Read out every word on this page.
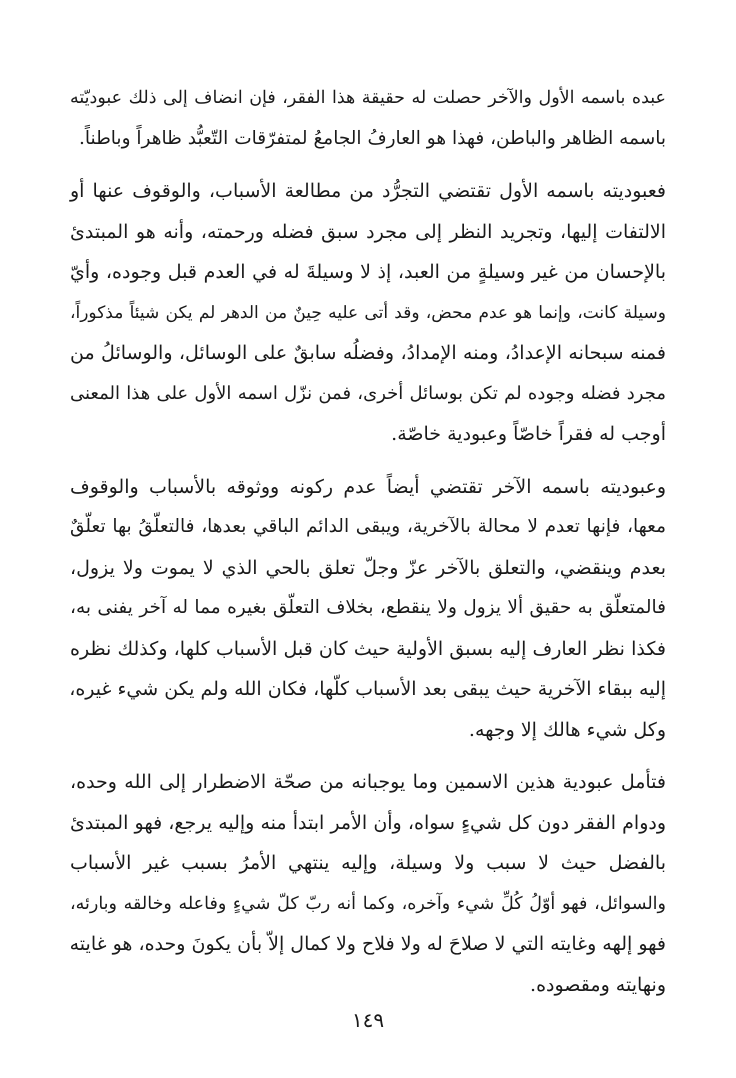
عبده باسمه الأول والآخر حصلت له حقيقة هذا الفقر، فإن انضاف إلى ذلك عبوديّته
باسمه الظاهر والباطن، فهذا هو العارفُ الجامعُ لمتفرّقات التّعبُّد ظاهراً وباطناً.
فعبوديته باسمه الأول تقتضي التجرُّد من مطالعة الأسباب، والوقوف عنها أو
الالتفات إليها، وتجريد النظر إلى مجرد سبق فضله ورحمته، وأنه هو المبتدئ
بالإحسان من غير وسيلةٍ من العبد، إذ لا وسيلةَ له في العدم قبل وجوده، وأيّ
وسيلة كانت، وإنما هو عدم محض، وقد أتى عليه حِينٌ من الدهر لم يكن شيئاً مذكوراً،
فمنه سبحانه الإعدادُ، ومنه الإمدادُ، وفضلُه سابقٌ على الوسائل، والوسائلُ من
مجرد فضله وجوده لم تكن بوسائل أخرى، فمن نزّل اسمه الأول على هذا المعنى
أوجب له فقراً خاصّاً وعبودية خاصّة.
وعبوديته باسمه الآخر تقتضي أيضاً عدم ركونه ووثوقه بالأسباب والوقوف
معها، فإنها تعدم لا محالة بالآخرية، ويبقى الدائم الباقي بعدها، فالتعلّقُ بها تعلّقٌ
بعدم وينقضي، والتعلق بالآخر عزّ وجلّ تعلق بالحي الذي لا يموت ولا يزول،
فالمتعلّق به حقيق ألا يزول ولا ينقطع، بخلاف التعلّق بغيره مما له آخر يفنى به،
فكذا نظر العارف إليه بسبق الأولية حيث كان قبل الأسباب كلها، وكذلك نظره
إليه ببقاء الآخرية حيث يبقى بعد الأسباب كلّها، فكان الله ولم يكن شيء غيره،
وكل شيء هالك إلا وجهه.
فتأمل عبودية هذين الاسمين وما يوجبانه من صحّة الاضطرار إلى الله وحده،
ودوام الفقر دون كل شيءٍ سواه، وأن الأمر ابتدأ منه وإليه يرجع، فهو المبتدئ
بالفضل حيث لا سبب ولا وسيلة، وإليه ينتهي الأمرُ بسبب غير الأسباب
والسوائل، فهو أوّلُ كُلِّ شيء وآخره، وكما أنه ربّ كلّ شيءٍ وفاعله وخالقه وبارئه،
فهو إلهه وغايته التي لا صلاحَ له ولا فلاح ولا كمال إلاّ بأن يكونَ وحده، هو غايته
ونهايته ومقصوده.
١٤٩
